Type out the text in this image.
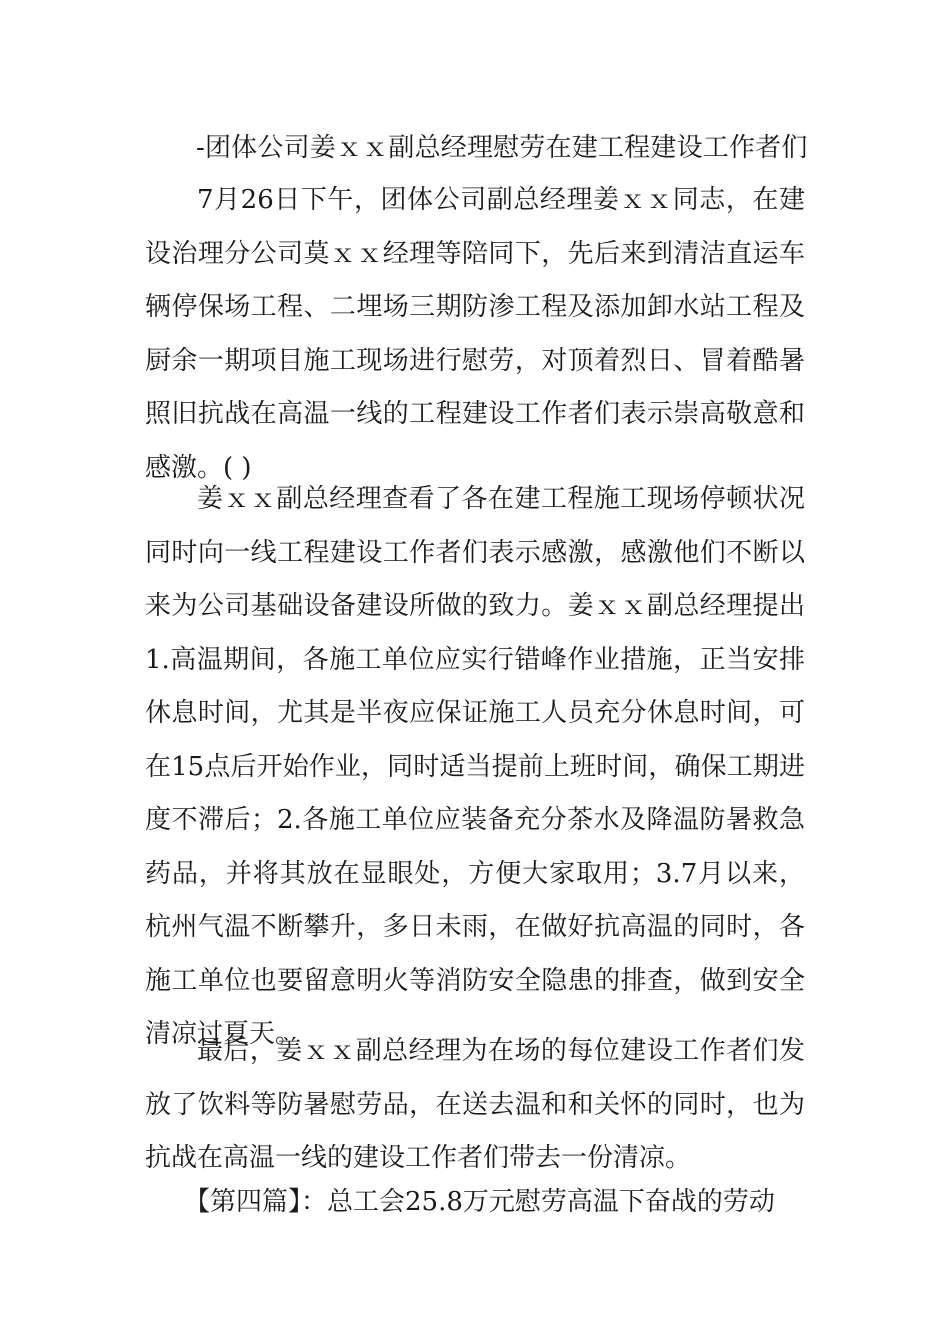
-团体公司姜ｘｘ副总经理慰劳在建工程建设工作者们

7月26日下午，团体公司副总经理姜ｘｘ同志，在建设治理分公司莫ｘｘ经理等陪同下，先后来到清洁直运车辆停保场工程、二埋场三期防渗工程及添加卸水站工程及厨余一期项目施工现场进行慰劳，对顶着烈日、冒着酷暑照旧抗战在高温一线的工程建设工作者们表示崇高敬意和感激。( )

姜ｘｘ副总经理查看了各在建工程施工现场停顿状况同时向一线工程建设工作者们表示感激，感激他们不断以来为公司基础设备建设所做的致力。姜ｘｘ副总经理提出1.高温期间，各施工单位应实行错峰作业措施，正当安排休息时间，尤其是半夜应保证施工人员充分休息时间，可在15点后开始作业，同时适当提前上班时间，确保工期进度不滞后；2.各施工单位应装备充分茶水及降温防暑救急药品，并将其放在显眼处，方便大家取用；3.7月以来，杭州气温不断攀升，多日未雨，在做好抗高温的同时，各施工单位也要留意明火等消防安全隐患的排查，做到安全清凉过夏天。

最后，姜ｘｘ副总经理为在场的每位建设工作者们发放了饮料等防暑慰劳品，在送去温和和关怀的同时，也为抗战在高温一线的建设工作者们带去一份清凉。

【第四篇】：总工会25.8万元慰劳高温下奋战的劳动
